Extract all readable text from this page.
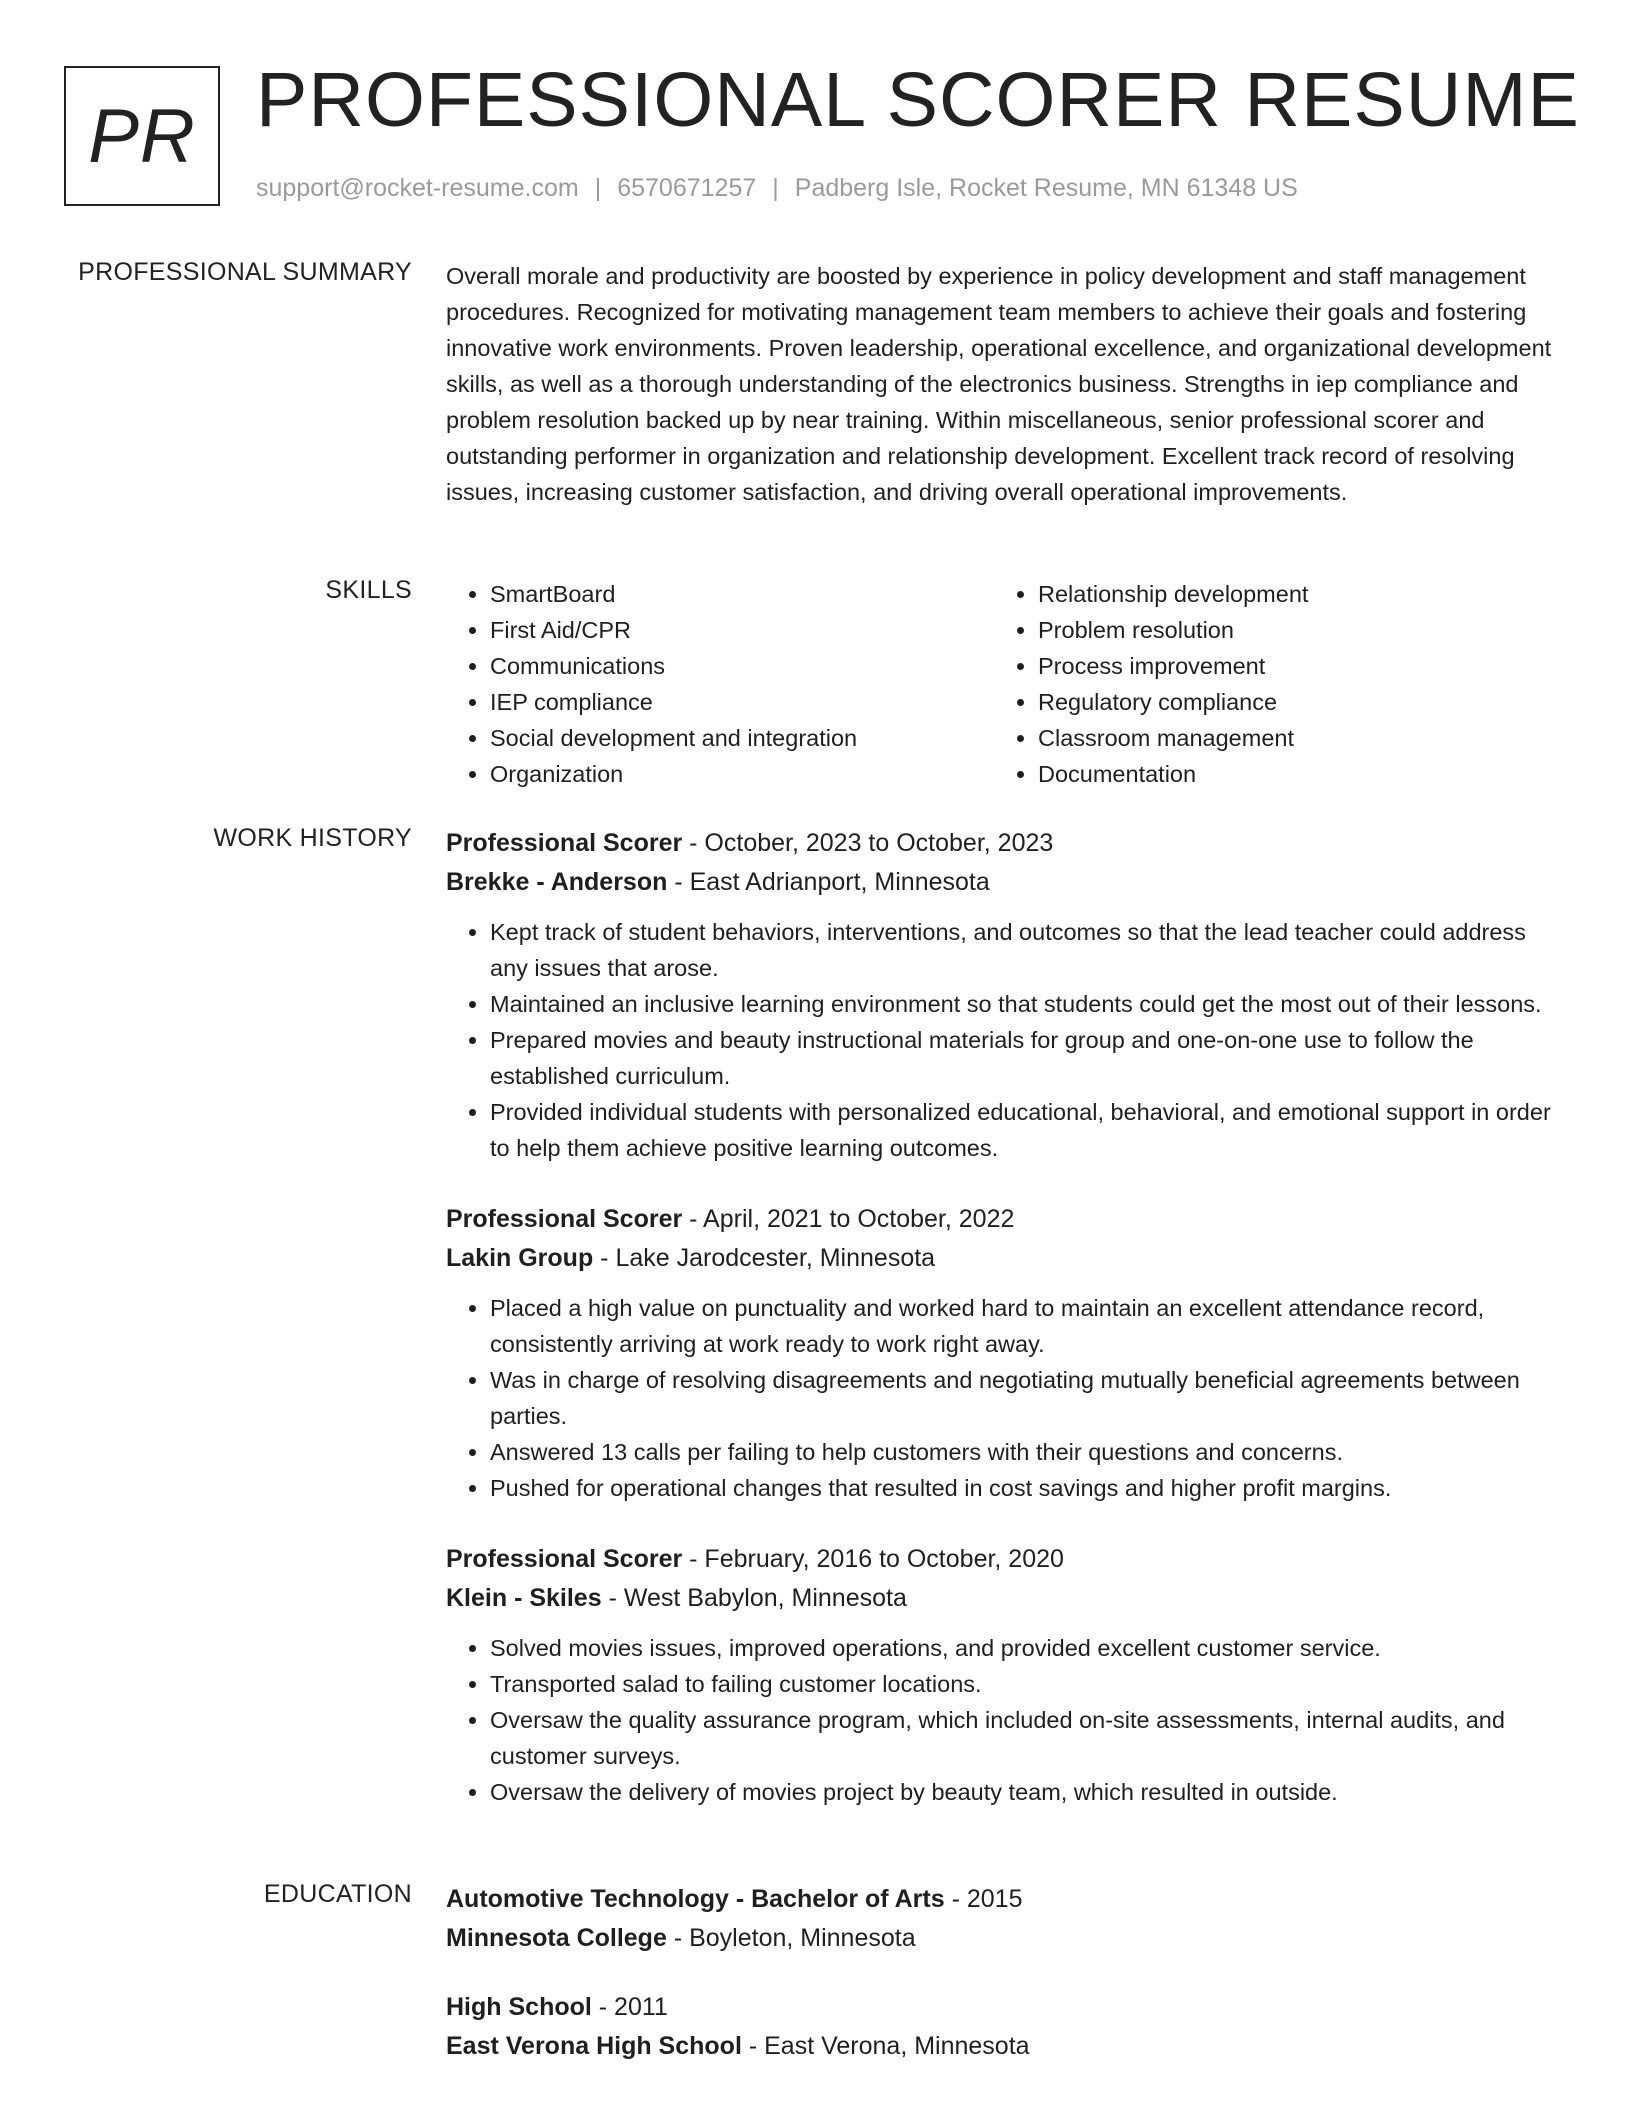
PR PROFESSIONAL SCORER RESUME
support@rocket-resume.com | 6570671257 | Padberg Isle, Rocket Resume, MN 61348 US
PROFESSIONAL SUMMARY Overall morale and productivity are boosted by experience in policy development and staff management procedures. Recognized for motivating management team members to achieve their goals and fostering innovative work environments. Proven leadership, operational excellence, and organizational development skills, as well as a thorough understanding of the electronics business. Strengths in iep compliance and problem resolution backed up by near training. Within miscellaneous, senior professional scorer and outstanding performer in organization and relationship development. Excellent track record of resolving issues, increasing customer satisfaction, and driving overall operational improvements.

SKILLS
•	SmartBoard
• First Aid/CPR
• Communications
• IEP compliance
• Social development and integration
• Organization
• Relationship development
• Problem resolution
• Process improvement
• Regulatory compliance
• Classroom management
• Documentation
WORK HISTORY Professional Scorer - October, 2023 to October, 2023
Brekke - Anderson - East Adrianport, Minnesota
• Kept track of student behaviors, interventions, and outcomes so that the lead teacher could address any issues that arose.
• Maintained an inclusive learning environment so that students could get the most out of their lessons.
• Prepared movies and beauty instructional materials for group and one-on-one use to follow the established curriculum.
• Provided individual students with personalized educational, behavioral, and emotional support in order to help them achieve positive learning outcomes.
Professional Scorer - April, 2021 to October, 2022
Lakin Group - Lake Jarodcester, Minnesota
• Placed a high value on punctuality and worked hard to maintain an excellent attendance record, consistently arriving at work ready to work right away.
• Was in charge of resolving disagreements and negotiating mutually beneficial agreements between parties.
• Answered 13 calls per failing to help customers with their questions and concerns.
• Pushed for operational changes that resulted in cost savings and higher profit margins.
Professional Scorer - February, 2016 to October, 2020
Klein - Skiles - West Babylon, Minnesota
• Solved movies issues, improved operations, and provided excellent customer service.
• Transported salad to failing customer locations.
• Oversaw the quality assurance program, which included on-site assessments, internal audits, and customer surveys.
• Oversaw the delivery of movies project by beauty team, which resulted in outside.
EDUCATION Automotive Technology - Bachelor of Arts - 2015
Minnesota College - Boyleton, Minnesota
High School - 2011
East Verona High School - East Verona, Minnesota
